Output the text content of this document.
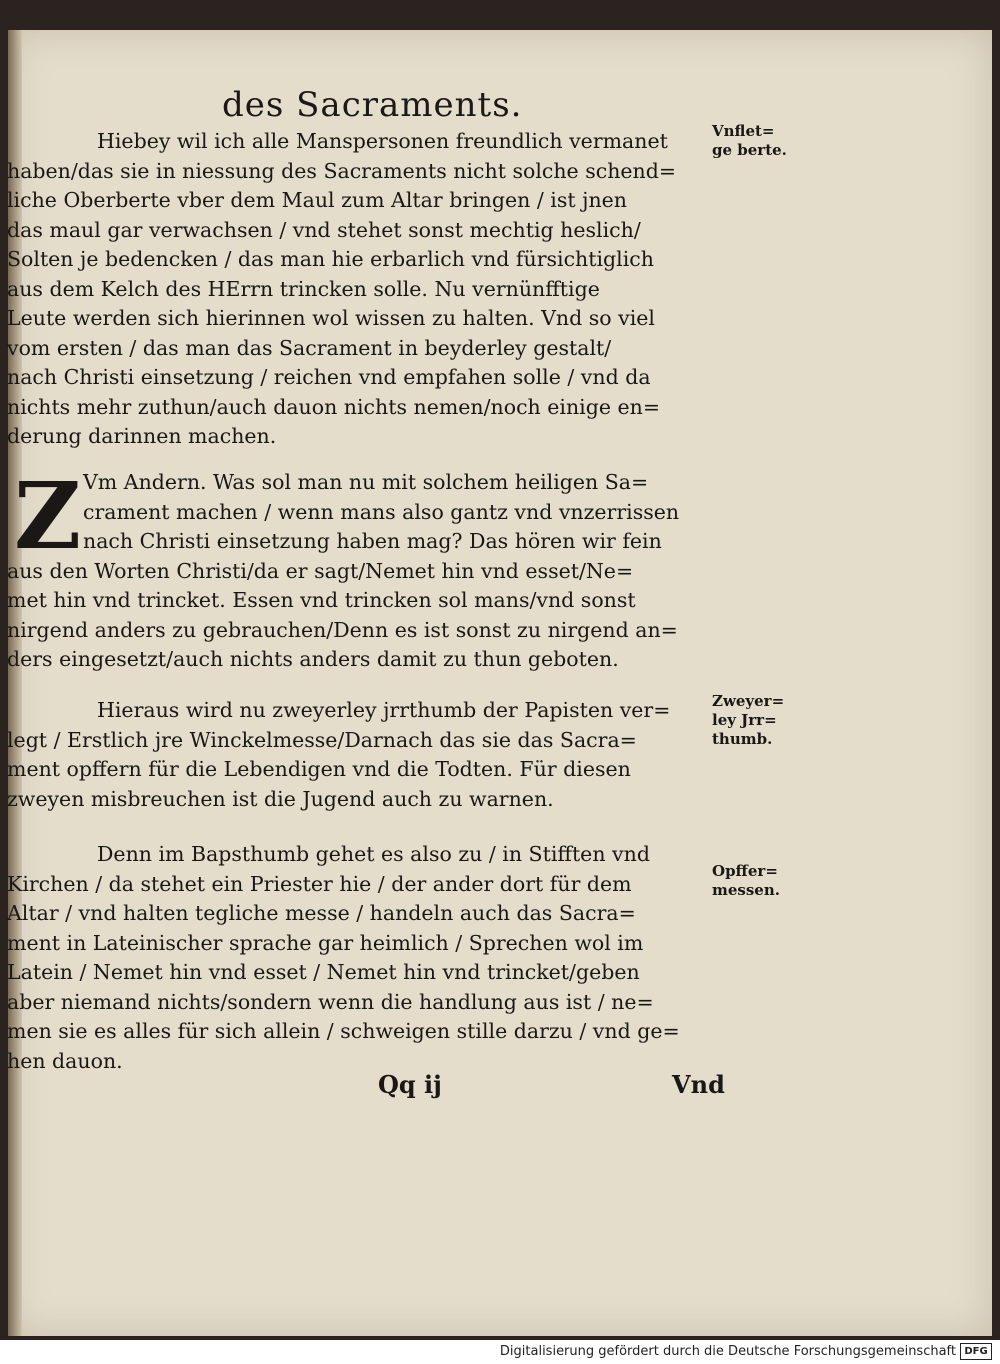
des Sacraments.
Hiebey wil ich alle Manspersonen freundlich vermanet
haben/das sie in niessung des Sacraments nicht solche schend=
liche Oberberte vber dem Maul zum Altar bringen / ist jnen
das maul gar verwachsen / vnd stehet sonst mechtig heslich/
Solten je bedencken / das man hie erbarlich vnd fürsichtiglich
aus dem Kelch des HErrn trincken solle. Nu vernünfftige
Leute werden sich hierinnen wol wissen zu halten. Vnd so viel
vom ersten / das man das Sacrament in beyderley gestalt/
nach Christi einsetzung / reichen vnd empfahen solle / vnd da
nichts mehr zuthun/auch dauon nichts nemen/noch einige en=
derung darinnen machen.
Z Vm Andern. Was sol man nu mit solchem heiligen Sa=
crament machen / wenn mans also gantz vnd vnzerrissen
nach Christi einsetzung haben mag? Das hören wir fein
aus den Worten Christi/da er sagt/Nemet hin vnd esset/Ne=
met hin vnd trincket. Essen vnd trincken sol mans/vnd sonst
nirgend anders zu gebrauchen/Denn es ist sonst zu nirgend an=
ders eingesetzt/auch nichts anders damit zu thun geboten.
Hieraus wird nu zweyerley jrrthumb der Papisten ver=
legt / Erstlich jre Winckelmesse/Darnach das sie das Sacra=
ment opffern für die Lebendigen vnd die Todten. Für diesen
zweyen misbreuchen ist die Jugend auch zu warnen.
Denn im Bapsthumb gehet es also zu / in Stifften vnd
Kirchen / da stehet ein Priester hie / der ander dort für dem
Altar / vnd halten tegliche messe / handeln auch das Sacra=
ment in Lateinischer sprache gar heimlich / Sprechen wol im
Latein / Nemet hin vnd esset / Nemet hin vnd trincket/geben
aber niemand nichts/sondern wenn die handlung aus ist / ne=
men sie es alles für sich allein / schweigen stille darzu / vnd ge=
hen dauon.
Vnflet=
ge berte.
Zweyer=
ley Jrr=
thumb.
Opffer=
messen.
Qq ij	Vnd
Digitalisierung gefördert durch die Deutsche Forschungsgemeinschaft DFG
